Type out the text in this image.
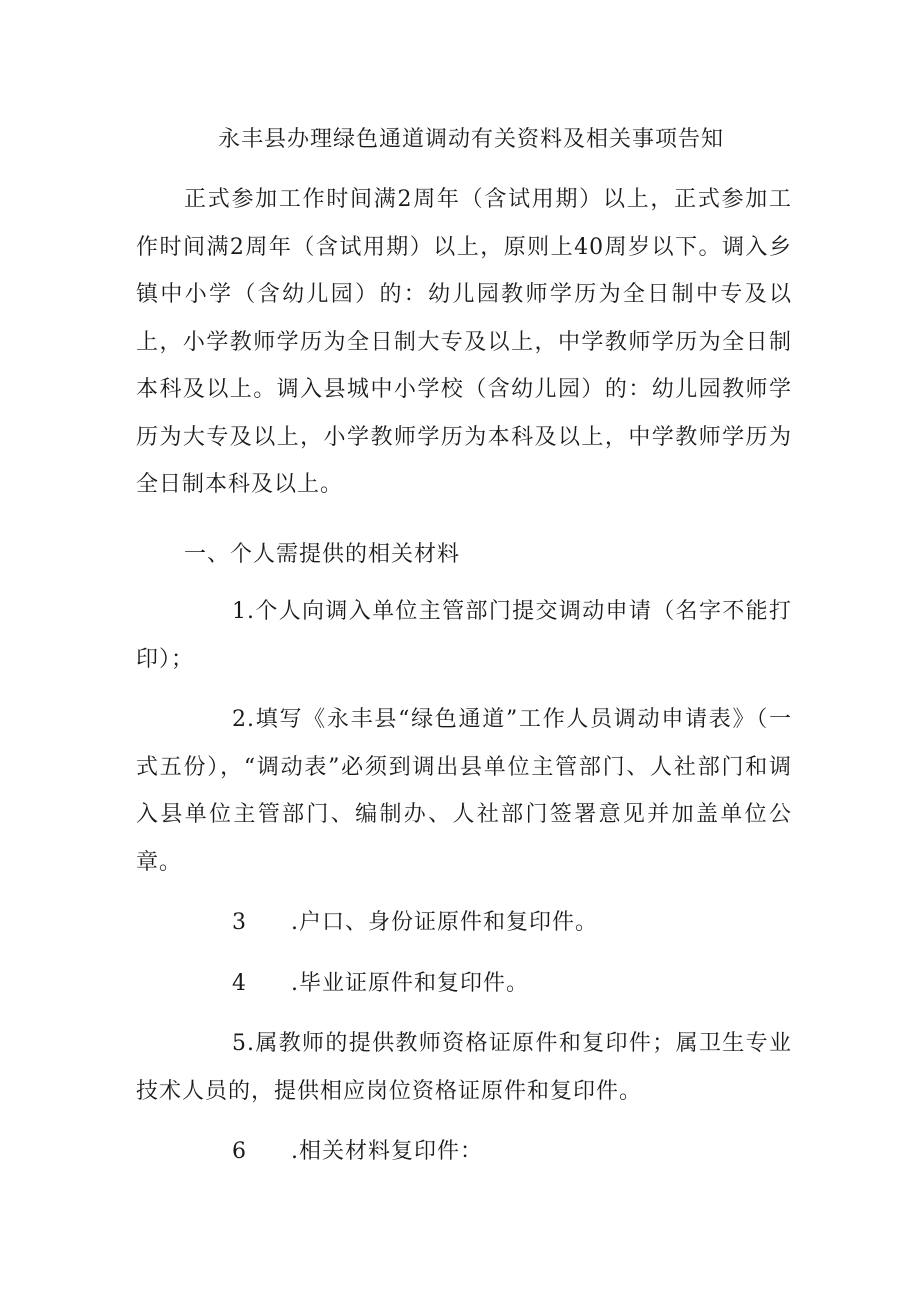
永丰县办理绿色通道调动有关资料及相关事项告知

正式参加工作时间满2周年（含试用期）以上，正式参加工作时间满2周年（含试用期）以上，原则上40周岁以下。调入乡镇中小学（含幼儿园）的：幼儿园教师学历为全日制中专及以上，小学教师学历为全日制大专及以上，中学教师学历为全日制本科及以上。调入县城中小学校（含幼儿园）的：幼儿园教师学历为大专及以上，小学教师学历为本科及以上，中学教师学历为全日制本科及以上。

一、个人需提供的相关材料

1.个人向调入单位主管部门提交调动申请（名字不能打印）；

2.填写《永丰县“绿色通道”工作人员调动申请表》（一式五份），“调动表”必须到调出县单位主管部门、人社部门和调入县单位主管部门、编制办、人社部门签署意见并加盖单位公章。

3 .户口、身份证原件和复印件。

4 .毕业证原件和复印件。

5.属教师的提供教师资格证原件和复印件；属卫生专业技术人员的，提供相应岗位资格证原件和复印件。

6 .相关材料复印件：
